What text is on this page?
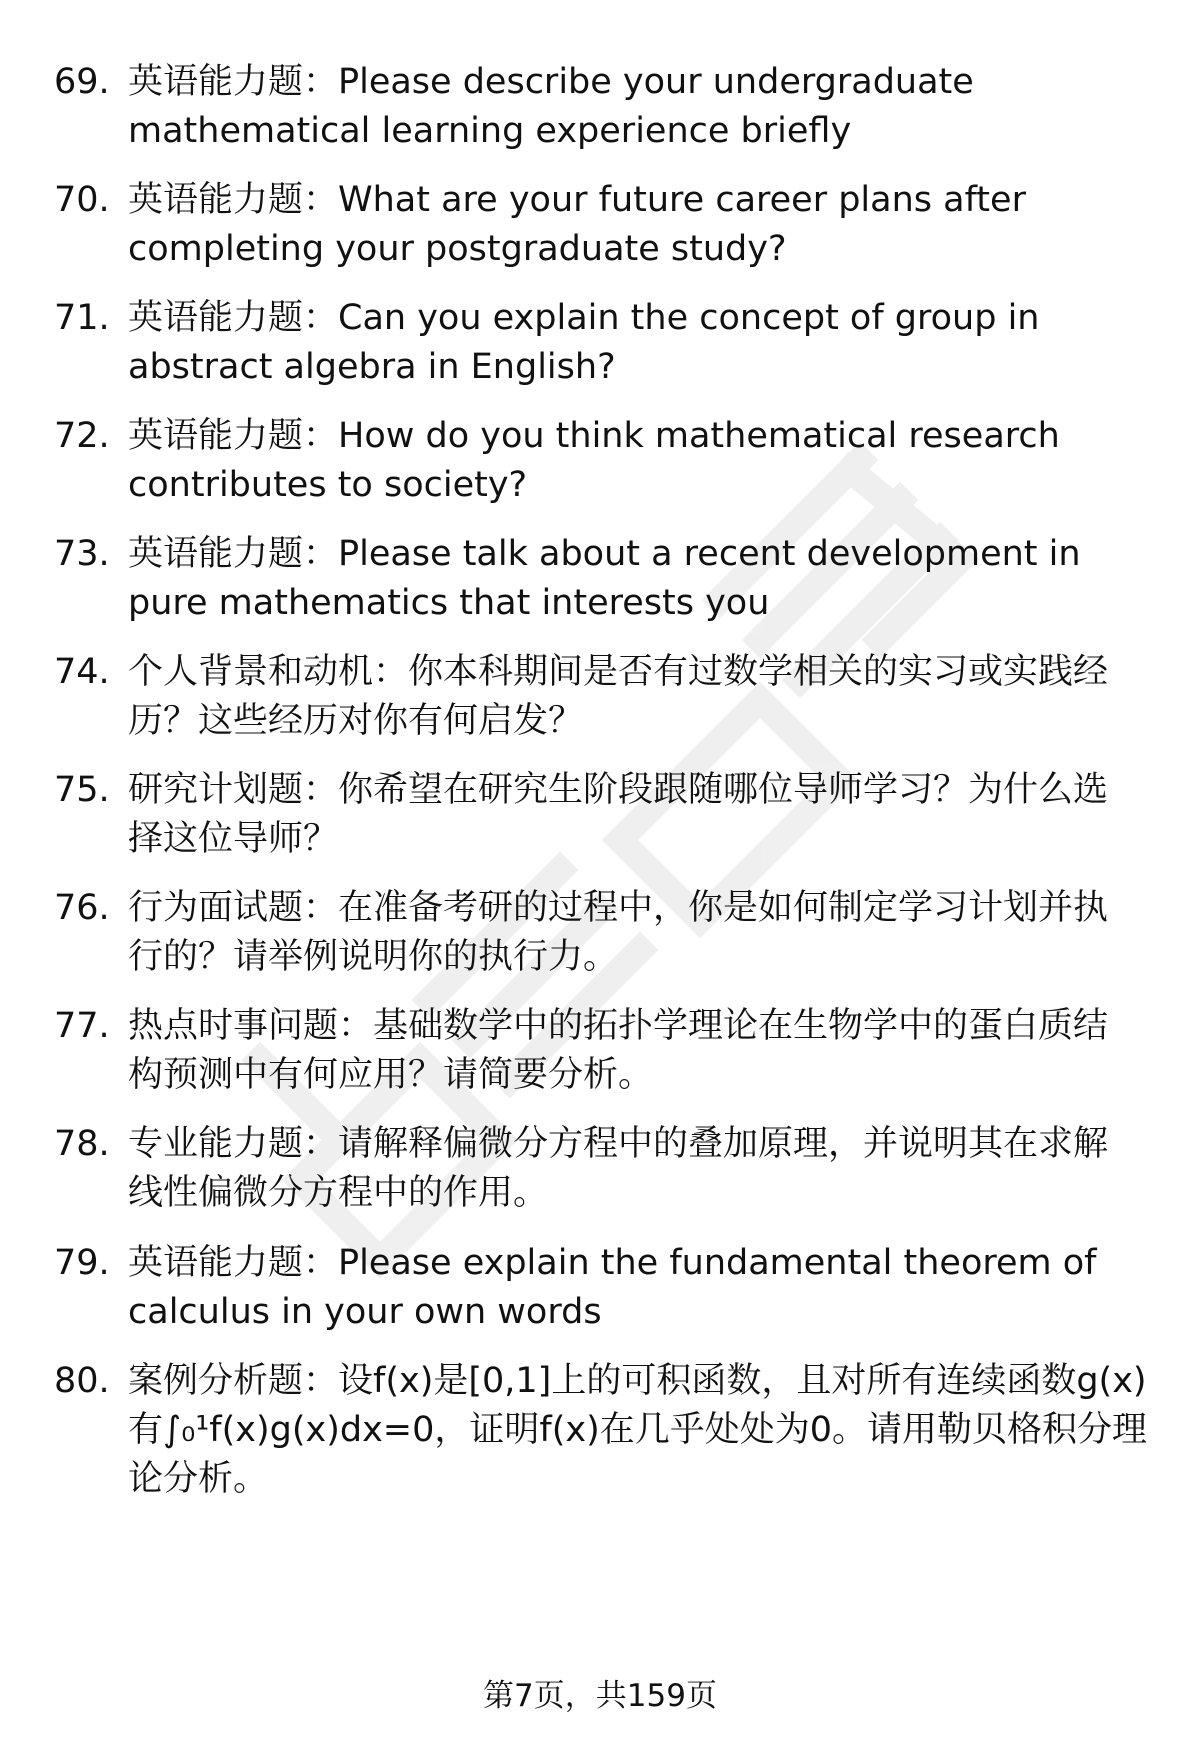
69. 英语能力题：Please describe your undergraduate
mathematical learning experience briefly
70. 英语能力题：What are your future career plans after
completing your postgraduate study?
71. 英语能力题：Can you explain the concept of group in
abstract algebra in English?
72. 英语能力题：How do you think mathematical research
contributes to society?
73. 英语能力题：Please talk about a recent development in
pure mathematics that interests you
74. 个人背景和动机：你本科期间是否有过数学相关的实习或实践经
历？这些经历对你有何启发？
75. 研究计划题：你希望在研究生阶段跟随哪位导师学习？为什么选
择这位导师？
76. 行为面试题：在准备考研的过程中，你是如何制定学习计划并执
行的？请举例说明你的执行力。
77. 热点时事问题：基础数学中的拓扑学理论在生物学中的蛋白质结
构预测中有何应用？请简要分析。
78. 专业能力题：请解释偏微分方程中的叠加原理，并说明其在求解
线性偏微分方程中的作用。
79. 英语能力题：Please explain the fundamental theorem of
calculus in your own words
80. 案例分析题：设f(x)是[0,1]上的可积函数，且对所有连续函数g(x)
有∫₀¹f(x)g(x)dx=0，证明f(x)在几乎处处为0。请用勒贝格积分理
论分析。
第7页，共159页
